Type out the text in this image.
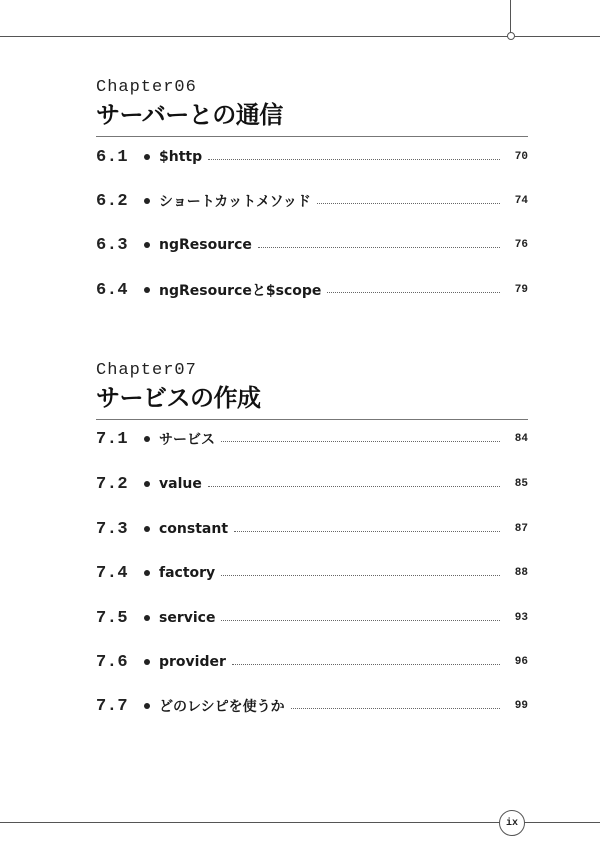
Chapter06
サーバーとの通信
6.1	$http	70
6.2	ショートカットメソッド	74
6.3	ngResource	76
6.4	ngResourceと$scope	79
Chapter07
サービスの作成
7.1	サービス	84
7.2	value	85
7.3	constant	87
7.4	factory	88
7.5	service	93
7.6	provider	96
7.7	どのレシピを使うか	99
ix
